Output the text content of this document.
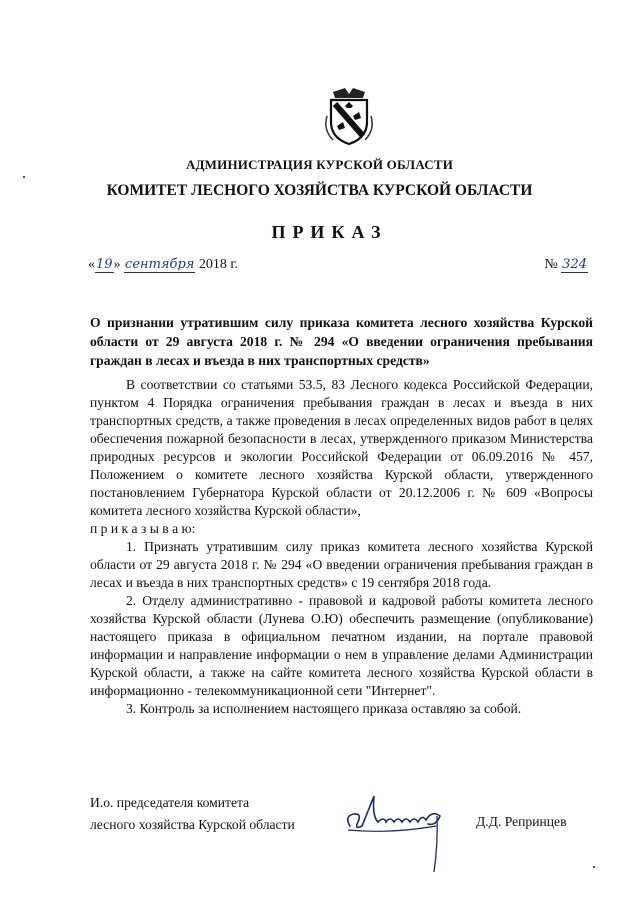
АДМИНИСТРАЦИЯ КУРСКОЙ ОБЛАСТИ
КОМИТЕТ ЛЕСНОГО ХОЗЯЙСТВА КУРСКОЙ ОБЛАСТИ
ПРИКАЗ
«19» сентября 2018 г.	№ 324
О признании утратившим силу приказа комитета лесного хозяйства Курской области от 29 августа 2018 г. № 294 «О введении ограничения пребывания граждан в лесах и въезда в них транспортных средств»

В соответствии со статьями 53.5, 83 Лесного кодекса Российской Федерации, пунктом 4 Порядка ограничения пребывания граждан в лесах и въезда в них транспортных средств, а также проведения в лесах определенных видов работ в целях обеспечения пожарной безопасности в лесах, утвержденного приказом Министерства природных ресурсов и экологии Российской Федерации от 06.09.2016 № 457, Положением о комитете лесного хозяйства Курской области, утвержденного постановлением Губернатора Курской области от 20.12.2006 г. № 609 «Вопросы комитета лесного хозяйства Курской области»,

п р и к а з ы в а ю:

1. Признать утратившим силу приказ комитета лесного хозяйства Курской области от 29 августа 2018 г. № 294 «О введении ограничения пребывания граждан в лесах и въезда в них транспортных средств» с 19 сентября 2018 года.

2. Отделу административно - правовой и кадровой работы комитета лесного хозяйства Курской области (Лунева О.Ю) обеспечить размещение (опубликование) настоящего приказа в официальном печатном издании, на портале правовой информации и направление информации о нем в управление делами Администрации Курской области, а также на сайте комитета лесного хозяйства Курской области в информационно - телекоммуникационной сети "Интернет".

3. Контроль за исполнением настоящего приказа оставляю за собой.

И.о. председателя комитета
лесного хозяйства Курской области	Д.Д. Репринцев
